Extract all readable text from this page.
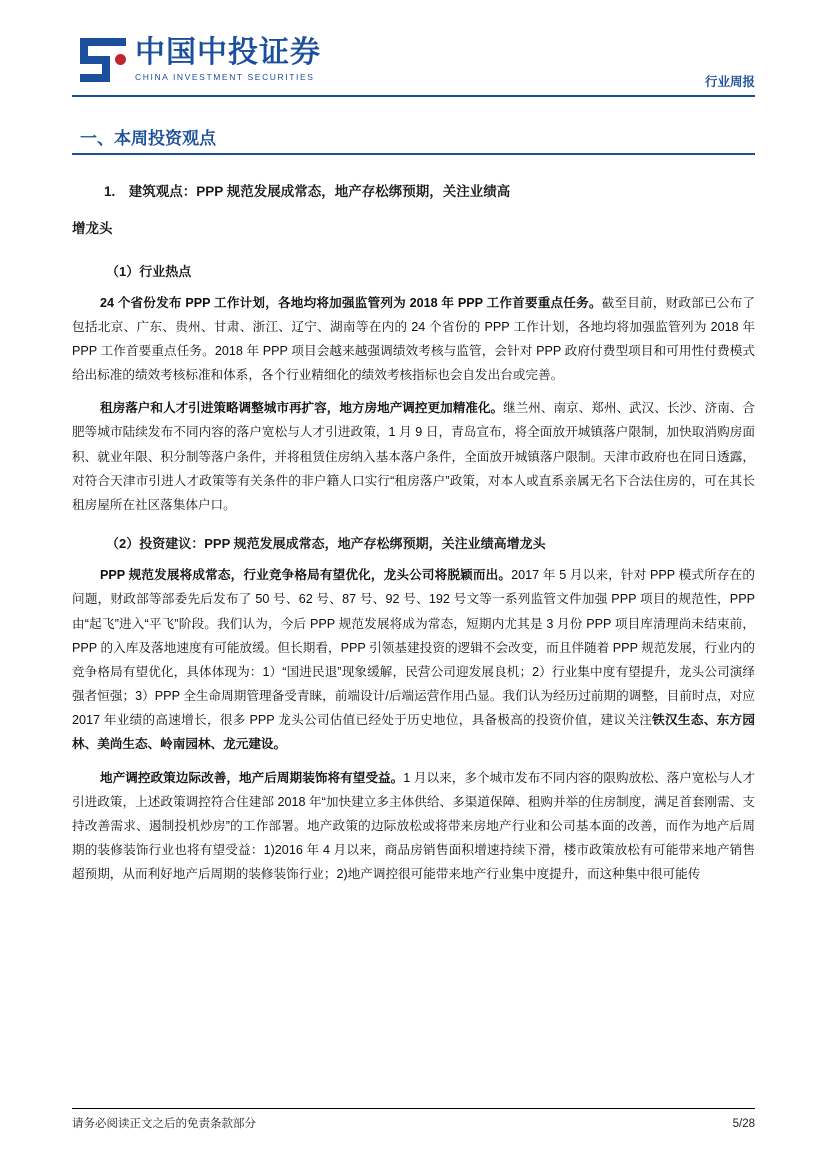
中国中投证券
CHINA INVESTMENT SECURITIES	行业周报
一、本周投资观点
1.　建筑观点：PPP 规范发展成常态，地产存松绑预期，关注业绩高
增龙头
（1）行业热点

24 个省份发布 PPP 工作计划，各地均将加强监管列为 2018 年 PPP 工作首要重点任务。截至目前，财政部已公布了包括北京、广东、贵州、甘肃、浙江、辽宁、湖南等在内的 24 个省份的 PPP 工作计划，各地均将加强监管列为 2018 年 PPP 工作首要重点任务。2018 年 PPP 项目会越来越强调绩效考核与监管，会针对 PPP 政府付费型项目和可用性付费模式给出标准的绩效考核标准和体系，各个行业精细化的绩效考核指标也会自发出台或完善。

租房落户和人才引进策略调整城市再扩容，地方房地产调控更加精准化。继兰州、南京、郑州、武汉、长沙、济南、合肥等城市陆续发布不同内容的落户宽松与人才引进政策，1 月 9 日，青岛宣布，将全面放开城镇落户限制，加快取消购房面积、就业年限、积分制等落户条件，并将租赁住房纳入基本落户条件，全面放开城镇落户限制。天津市政府也在同日透露，对符合天津市引进人才政策等有关条件的非户籍人口实行“租房落户”政策，对本人或直系亲属无名下合法住房的，可在其长租房屋所在社区落集体户口。

（2）投资建议：PPP 规范发展成常态，地产存松绑预期，关注业绩高增龙头

PPP 规范发展将成常态，行业竞争格局有望优化，龙头公司将脱颖而出。2017 年 5 月以来，针对 PPP 模式所存在的问题，财政部等部委先后发布了 50 号、62 号、87 号、92 号、192 号文等一系列监管文件加强 PPP 项目的规范性，PPP 由“起飞”进入“平飞”阶段。我们认为，今后 PPP 规范发展将成为常态，短期内尤其是 3 月份 PPP 项目库清理尚未结束前，PPP 的入库及落地速度有可能放缓。但长期看，PPP 引领基建投资的逻辑不会改变，而且伴随着 PPP 规范发展，行业内的竞争格局有望优化，具体体现为：1）“国进民退”现象缓解，民营公司迎发展良机；2）行业集中度有望提升，龙头公司演绎强者恒强；3）PPP 全生命周期管理备受青睐，前端设计/后端运营作用凸显。我们认为经历过前期的调整，目前时点，对应 2017 年业绩的高速增长，很多 PPP 龙头公司估值已经处于历史地位，具备极高的投资价值，建议关注铁汉生态、东方园林、美尚生态、岭南园林、龙元建设。

地产调控政策边际改善，地产后周期装饰将有望受益。1 月以来，多个城市发布不同内容的限购放松、落户宽松与人才引进政策，上述政策调控符合住建部 2018 年“加快建立多主体供给、多渠道保障、租购并举的住房制度，满足首套刚需、支持改善需求、遏制投机炒房”的工作部署。地产政策的边际放松或将带来房地产行业和公司基本面的改善，而作为地产后周期的装修装饰行业也将有望受益：1)2016 年 4 月以来，商品房销售面积增速持续下滑，楼市政策放松有可能带来地产销售超预期，从而利好地产后周期的装修装饰行业；2)地产调控很可能带来地产行业集中度提升，而这种集中很可能传

请务必阅读正文之后的免责条款部分	5/28
